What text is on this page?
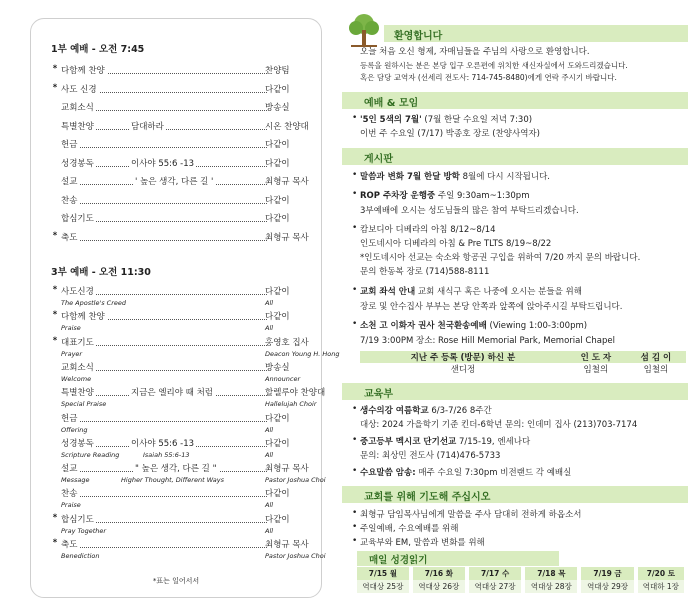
1부 예배 - 오전 7:45
* 다함께 찬양	찬양팀
* 사도 신경	다같이
교회소식	방송실
특별찬양	담대하라	시온 찬양대
헌금	다같이
성경봉독	이사야 55:6 -13	다같이
설교	' 높은 생각, 다른 길 '	최형규 목사
찬송	다같이
합심기도	다같이
* 축도	최형규 목사
3부 예배 - 오전 11:30
* 사도신경	다같이
The Apostle's Creed	All
* 다함께 찬양	다같이
Praise	All
* 대표기도	홍영호 집사
Prayer	Deacon Young H. Hong
교회소식	방송실
Welcome	Announcer
특별찬양	지금은 엘리야 때 처럼	할렐루야 찬양대
Special Praise	Hallelujah Choir
헌금	다같이
Offering	All
성경봉독	이사야 55:6 -13	다같이
Scripture Reading	Isaiah 55:6-13	All
설교	" 높은 생각, 다른 길 "	최형규 목사
Message	Higher Thought, Different Ways	Pastor Joshua Choi
찬송	다같이
Praise	All
* 합심기도	다같이
Pray Together	All
* 축도	최형규 목사
Benediction	Pastor Joshua Choi
*표는 일어서서
환영합니다
오늘 처음 오신 형제, 자매님들을 주님의 사랑으로 환영합니다.
등록을 원하시는 분은 본당 입구 오른편에 위치한 새신자실에서 도와드리겠습니다.
혹은 담당 교역자 (선세리 전도사: 714-745-8480)에게 연락 주시기 바랍니다.
예배 & 모임
• '5인 5색의 7월' (7월 한달 수요일 저녁 7:30)
이번 주 수요일 (7/17) 박종호 장로 (찬양사역자)
게시판
• 말씀과 변화 7월 한달 방학 8월에 다시 시작됩니다.
• ROP 주차장 운행중 주일 9:30am~1:30pm
3부예배에 오시는 성도님들의 많은 참여 부탁드리겠습니다.
• 캄보디아 디베라의 아침 8/12~8/14
인도네시아 디베라의 아침 & Pre TLTS 8/19~8/22
*인도네시아 선교는 숙소와 항공권 구입을 위하여 7/20 까지 문의 바랍니다.
문의 한동복 장로 (714)588-8111
• 교회 좌석 안내 교회 새식구 혹은 나중에 오시는 분들을 위해
장로 및 안수집사 부부는 본당 안쪽과 앞쪽에 앉아주시길 부탁드립니다.
• 소천 고 이화자 권사 천국환송예배 (Viewing 1:00-3:00pm)
7/19 3:00PM 장소: Rose Hill Memorial Park, Memorial Chapel
지난 주 등록 (방문) 하신 분	인 도 자	섬 김 이
샌디정	임철의	임철의
교육부
• 생수의강 여름학교 6/3-7/26 8주간
대상: 2024 가을학기 기준 킨더-6학년 문의: 인데미 집사 (213)703-7174
• 중고등부 멕시코 단기선교 7/15-19, 엔세나다
문의: 최상민 전도사 (714)476-5733
• 수요말씀 암송: 매주 수요일 7:30pm 비전랜드 각 예배실
교회를 위해 기도해 주십시오
• 최형규 담임목사님에게 말씀을 주사 담대히 전하게 하옵소서
• 주일예배, 수요예배를 위해
• 교육부와 EM, 말씀과 변화를 위해
매일 성경읽기
7/15 월	7/16 화	7/17 수	7/18 목	7/19 금	7/20 토
역대상 25장	역대상 26장	역대상 27장	역대상 28장	역대상 29장	역대하 1장
